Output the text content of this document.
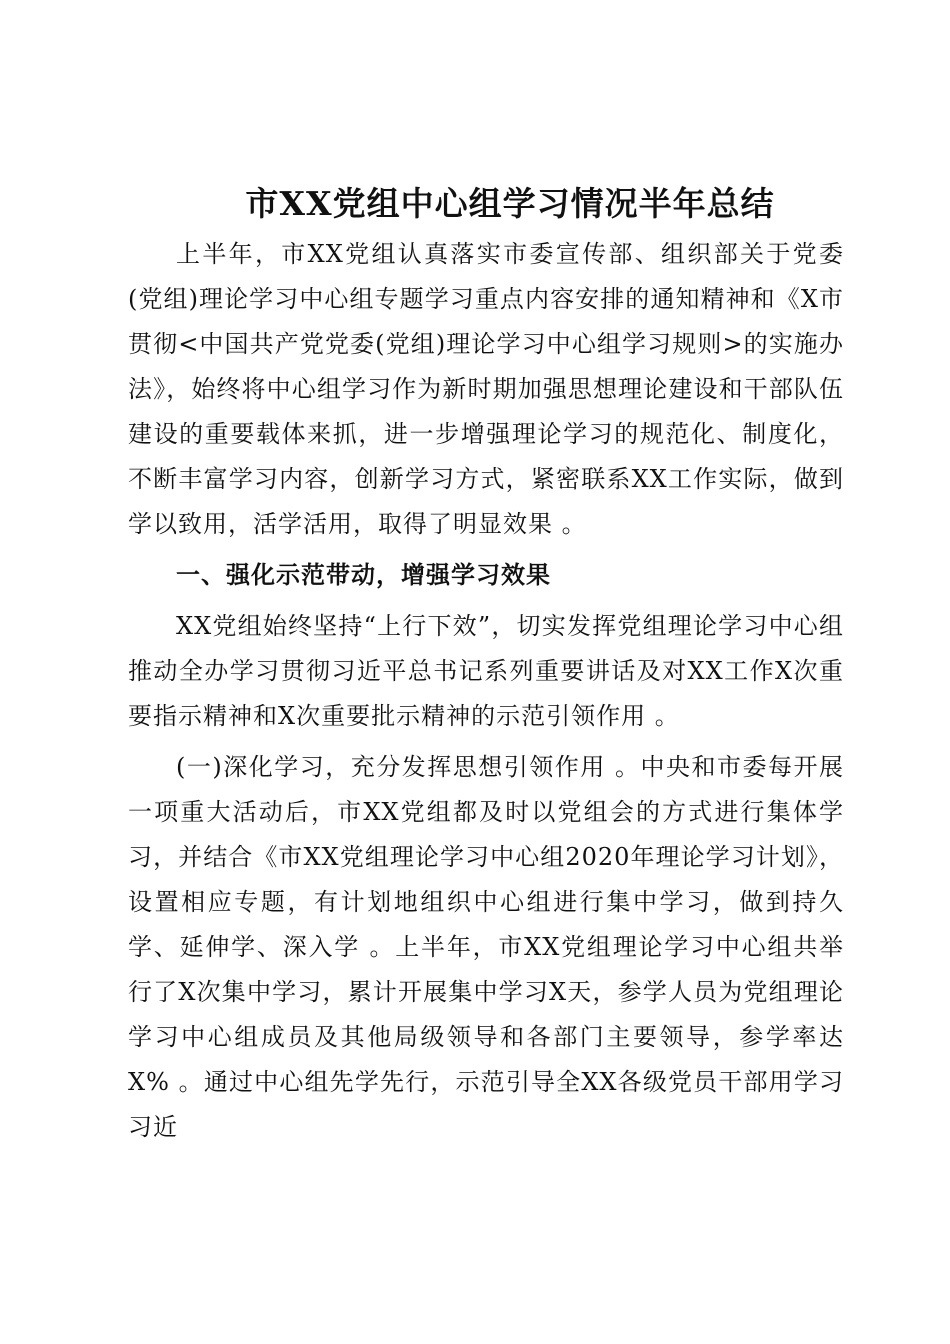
市XX党组中心组学习情况半年总结

上半年，市XX党组认真落实市委宣传部、组织部关于党委(党组)理论学习中心组专题学习重点内容安排的通知精神和《X市贯彻<中国共产党党委(党组)理论学习中心组学习规则>的实施办法》，始终将中心组学习作为新时期加强思想理论建设和干部队伍建设的重要载体来抓，进一步增强理论学习的规范化、制度化，不断丰富学习内容，创新学习方式，紧密联系XX工作实际，做到学以致用，活学活用，取得了明显效果 。

一、强化示范带动，增强学习效果

XX党组始终坚持“上行下效”，切实发挥党组理论学习中心组推动全办学习贯彻习近平总书记系列重要讲话及对XX工作X次重要指示精神和X次重要批示精神的示范引领作用 。

(一)深化学习，充分发挥思想引领作用 。中央和市委每开展一项重大活动后，市XX党组都及时以党组会的方式进行集体学习，并结合《市XX党组理论学习中心组2020年理论学习计划》，设置相应专题，有计划地组织中心组进行集中学习，做到持久学、延伸学、深入学 。上半年，市XX党组理论学习中心组共举行了X次集中学习，累计开展集中学习X天，参学人员为党组理论学习中心组成员及其他局级领导和各部门主要领导，参学率达X% 。通过中心组先学先行，示范引导全XX各级党员干部用学习习近
